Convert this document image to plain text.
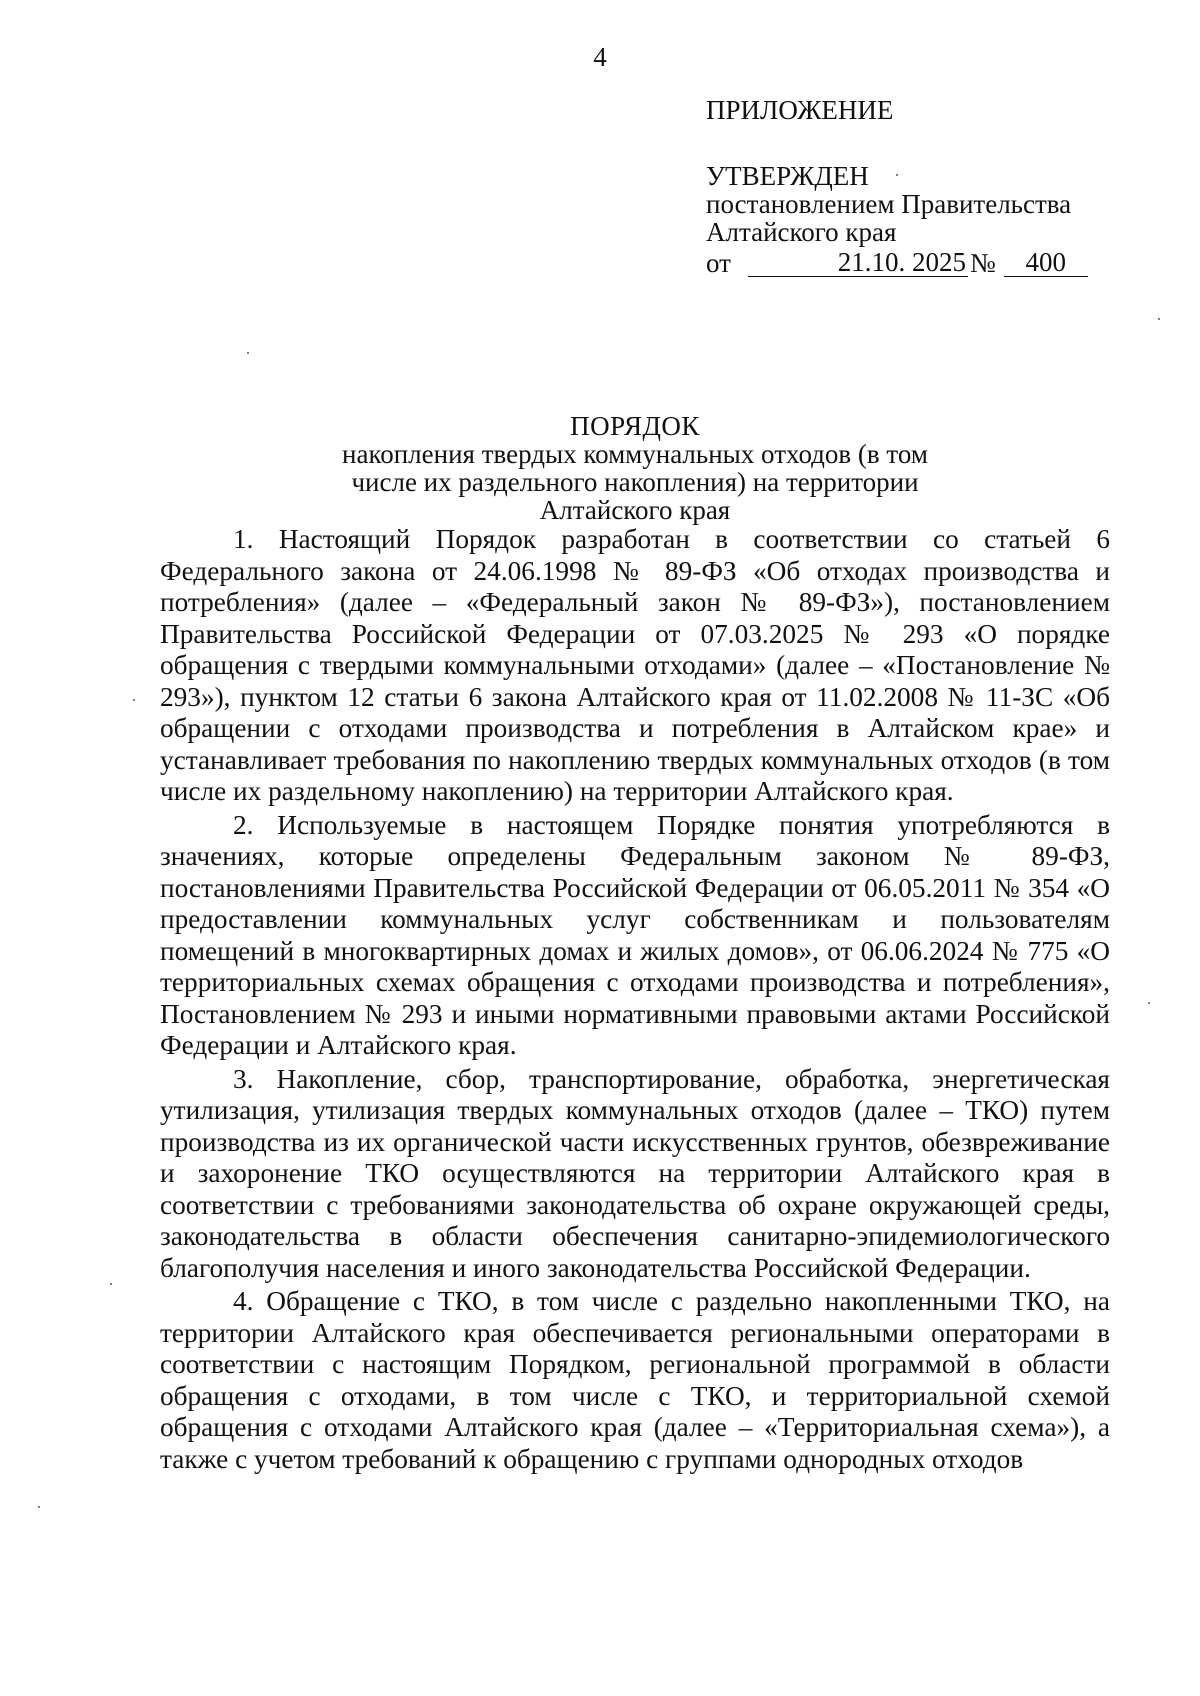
4
ПРИЛОЖЕНИЕ
УТВЕРЖДЕН
постановлением Правительства
Алтайского края
от	21.10. 2025 №	400
ПОРЯДОК
накопления твердых коммунальных отходов (в том числе их раздельного накопления) на территории Алтайского края

1. Настоящий Порядок разработан в соответствии со статьей 6 Федерального закона от 24.06.1998 № 89-ФЗ «Об отходах производства и потребления» (далее – «Федеральный закон № 89-ФЗ»), постановлением Правительства Российской Федерации от 07.03.2025 № 293 «О порядке обращения с твердыми коммунальными отходами» (далее – «Постановление № 293»), пунктом 12 статьи 6 закона Алтайского края от 11.02.2008 № 11-ЗС «Об обращении с отходами производства и потребления в Алтайском крае» и устанавливает требования по накоплению твердых коммунальных отходов (в том числе их раздельному накоплению) на территории Алтайского края.

2. Используемые в настоящем Порядке понятия употребляются в значениях, которые определены Федеральным законом № 89-ФЗ, постановлениями Правительства Российской Федерации от 06.05.2011 № 354 «О предоставлении коммунальных услуг собственникам и пользователям помещений в многоквартирных домах и жилых домов», от 06.06.2024 № 775 «О территориальных схемах обращения с отходами производства и потребления», Постановлением № 293 и иными нормативными правовыми актами Российской Федерации и Алтайского края.

3. Накопление, сбор, транспортирование, обработка, энергетическая утилизация, утилизация твердых коммунальных отходов (далее – ТКО) путем производства из их органической части искусственных грунтов, обезвреживание и захоронение ТКО осуществляются на территории Алтайского края в соответствии с требованиями законодательства об охране окружающей среды, законодательства в области обеспечения санитарно-эпидемиологического благополучия населения и иного законодательства Российской Федерации.

4. Обращение с ТКО, в том числе с раздельно накопленными ТКО, на территории Алтайского края обеспечивается региональными операторами в соответствии с настоящим Порядком, региональной программой в области обращения с отходами, в том числе с ТКО, и территориальной схемой обращения с отходами Алтайского края (далее – «Территориальная схема»), а также с учетом требований к обращению с группами однородных отходов
